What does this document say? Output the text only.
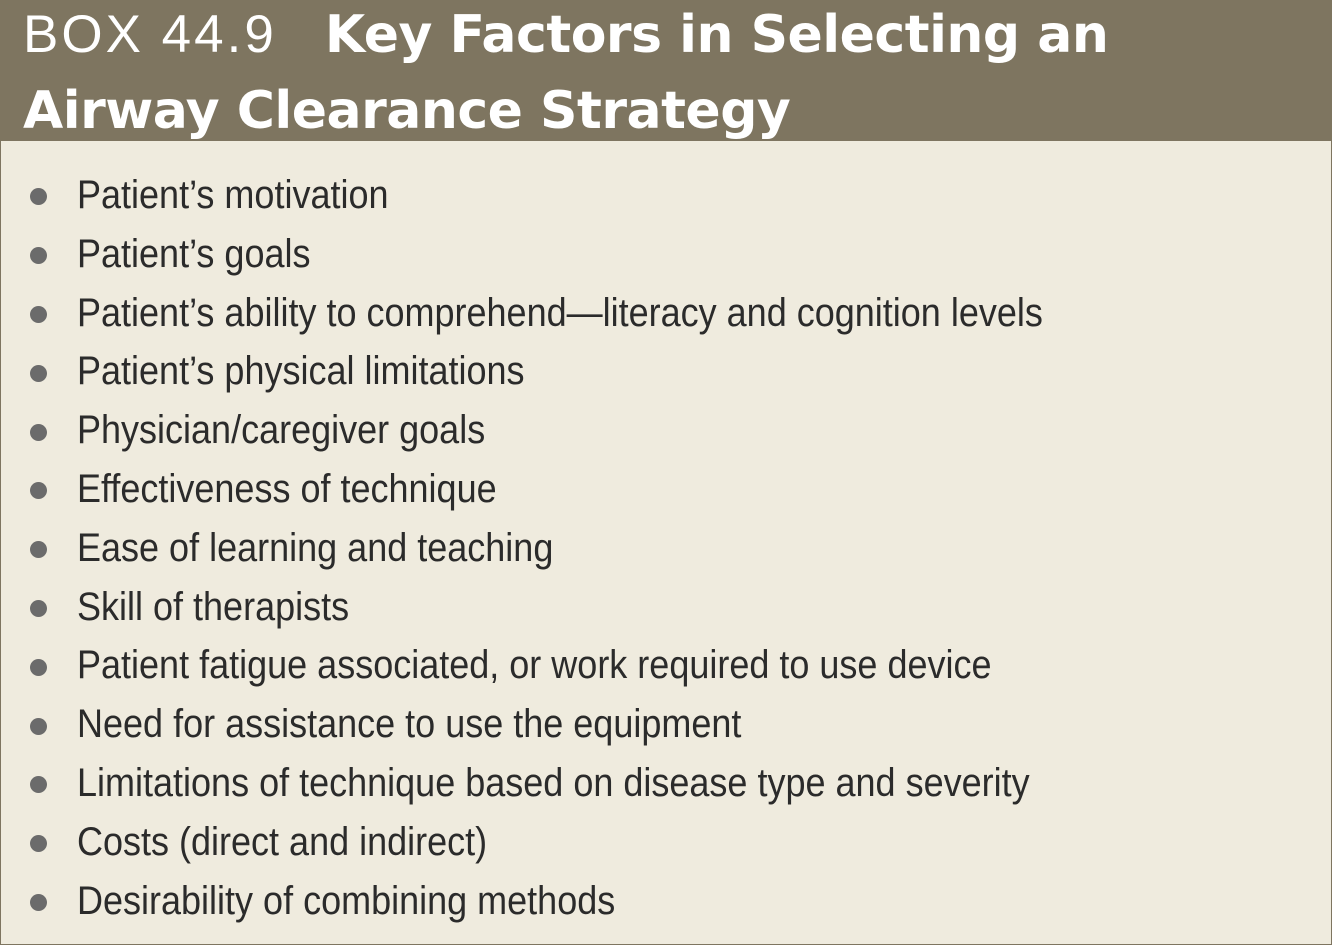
BOX 44.9 Key Factors in Selecting an
Airway Clearance Strategy
Patient’s motivation
Patient’s goals
Patient’s ability to comprehend—literacy and cognition levels
Patient’s physical limitations
Physician/caregiver goals
Effectiveness of technique
Ease of learning and teaching
Skill of therapists
Patient fatigue associated, or work required to use device
Need for assistance to use the equipment
Limitations of technique based on disease type and severity
Costs (direct and indirect)
Desirability of combining methods
